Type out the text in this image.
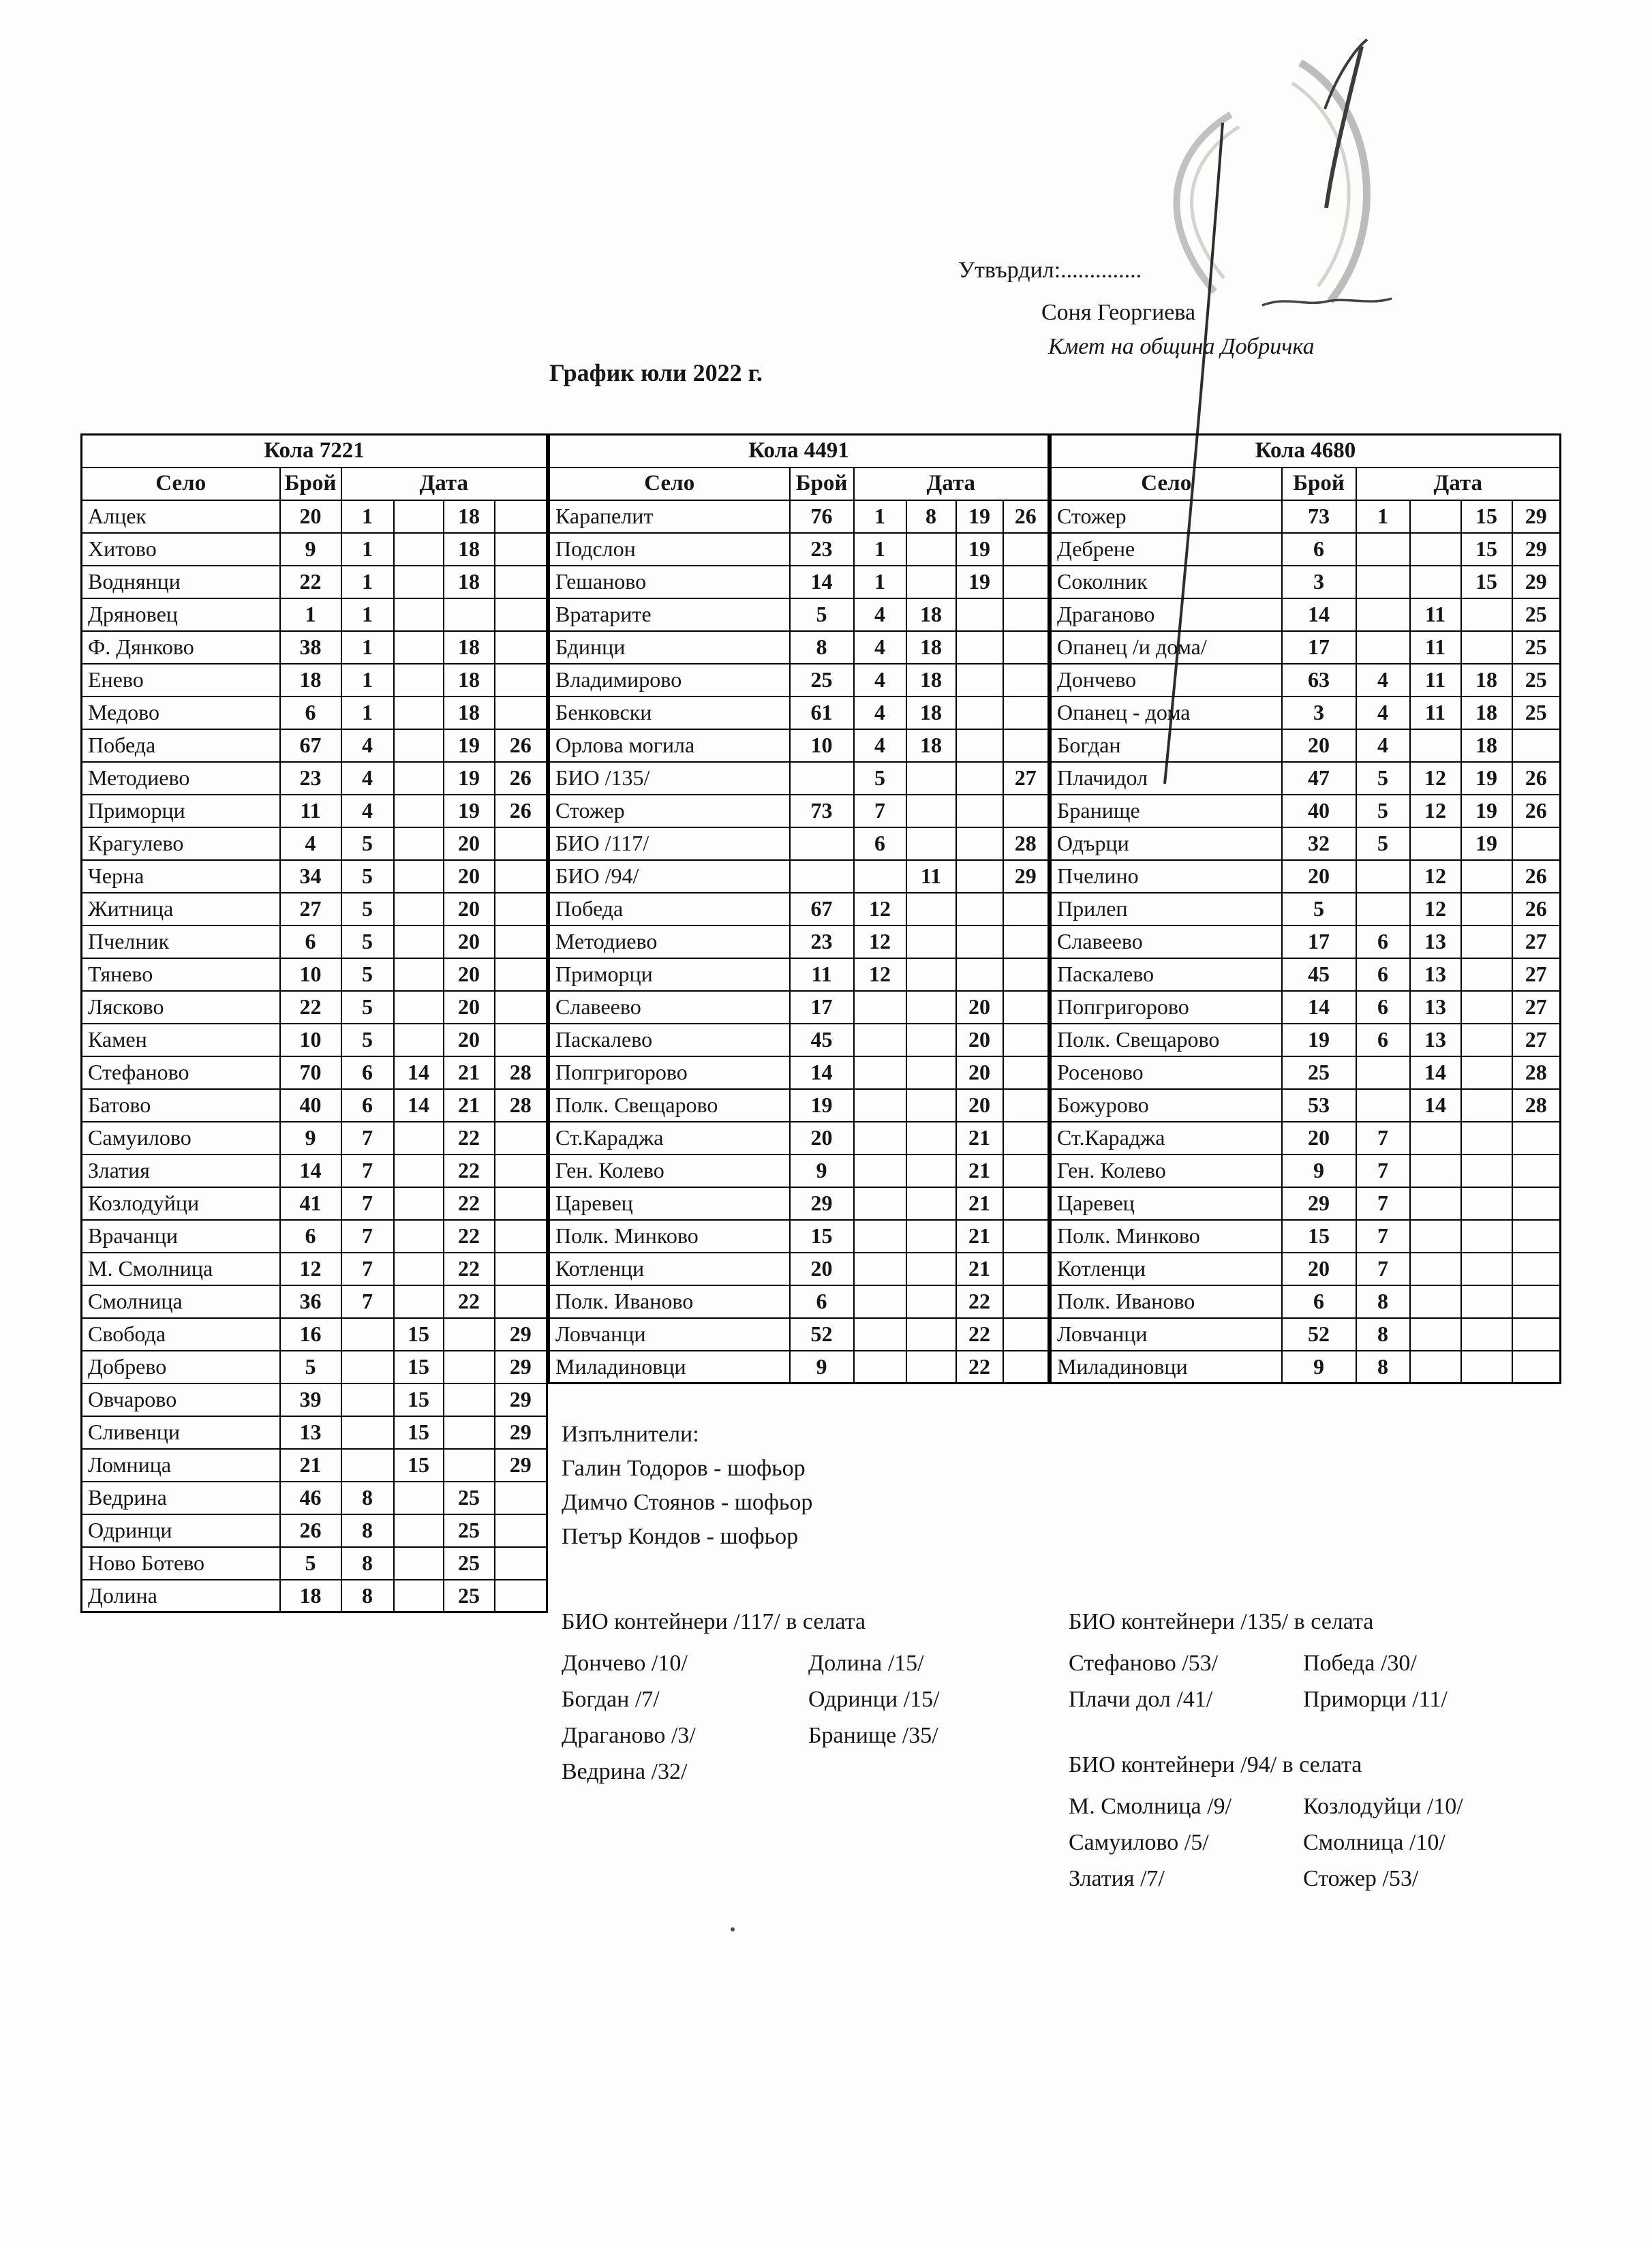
Утвърдил:..............
Соня Георгиева
Кмет на община Добричка
График юли 2022 г.
Кола 7221					
Село	Брой	Дата			
Алцек	20	1		18	
Хитово	9	1		18	
Воднянци	22	1		18	
Дряновец	1	1			
Ф. Дянково	38	1		18	
Енево	18	1		18	
Медово	6	1		18	
Победа	67	4		19	26
Методиево	23	4		19	26
Приморци	11	4		19	26
Крагулево	4	5		20	
Черна	34	5		20	
Житница	27	5		20	
Пчелник	6	5		20	
Тянево	10	5		20	
Лясково	22	5		20	
Камен	10	5		20	
Стефаново	70	6	14	21	28
Батово	40	6	14	21	28
Самуилово	9	7		22	
Златия	14	7		22	
Козлодуйци	41	7		22	
Врачанци	6	7		22	
М. Смолница	12	7		22	
Смолница	36	7		22	
Свобода	16		15		29
Добрево	5		15		29
Овчарово	39		15		29
Сливенци	13		15		29
Ломница	21		15		29
Ведрина	46	8		25	
Одринци	26	8		25	
Ново Ботево	5	8		25	
Долина	18	8		25	
Кола 4491					
Село	Брой	Дата			
Карапелит	76	1	8	19	26
Подслон	23	1		19	
Гешаново	14	1		19	
Вратарите	5	4	18		
Бдинци	8	4	18		
Владимирово	25	4	18		
Бенковски	61	4	18		
Орлова могила	10	4	18		
БИО /135/		5			27
Стожер	73	7			
БИО /117/		6			28
БИО /94/			11		29
Победа	67	12			
Методиево	23	12			
Приморци	11	12			
Славеево	17			20	
Паскалево	45			20	
Попгригорово	14			20	
Полк. Свещарово	19			20	
Ст.Караджа	20			21	
Ген. Колево	9			21	
Царевец	29			21	
Полк. Минково	15			21	
Котленци	20			21	
Полк. Иваново	6			22	
Ловчанци	52			22	
Миладиновци	9			22	
Кола 4680					
Село	Брой	Дата			
Стожер	73	1		15	29
Дебрене	6			15	29
Соколник	3			15	29
Драганово	14		11		25
Опанец /и дома/	17		11		25
Дончево	63	4	11	18	25
Опанец - дома	3	4	11	18	25
Богдан	20	4		18	
Плачидол	47	5	12	19	26
Бранище	40	5	12	19	26
Одърци	32	5		19	
Пчелино	20		12		26
Прилеп	5		12		26
Славеево	17	6	13		27
Паскалево	45	6	13		27
Попгригорово	14	6	13		27
Полк. Свещарово	19	6	13		27
Росеново	25		14		28
Божурово	53		14		28
Ст.Караджа	20	7			
Ген. Колево	9	7			
Царевец	29	7			
Полк. Минково	15	7			
Котленци	20	7			
Полк. Иваново	6	8			
Ловчанци	52	8			
Миладиновци	9	8			
Изпълнители:
Галин Тодоров - шофьор
Димчо Стоянов - шофьор
Петър Кондов - шофьор
БИО контейнери /117/ в селата
Дончево /10/	Долина /15/
Богдан /7/	Одринци /15/
Драганово /3/	Бранище /35/
Ведрина /32/
БИО контейнери /135/ в селата
Стефаново /53/	Победа /30/
Плачи дол /41/	Приморци /11/
БИО контейнери /94/ в селата
М. Смолница /9/	Козлодуйци /10/
Самуилово /5/	Смолница /10/
Златия /7/	Стожер /53/
